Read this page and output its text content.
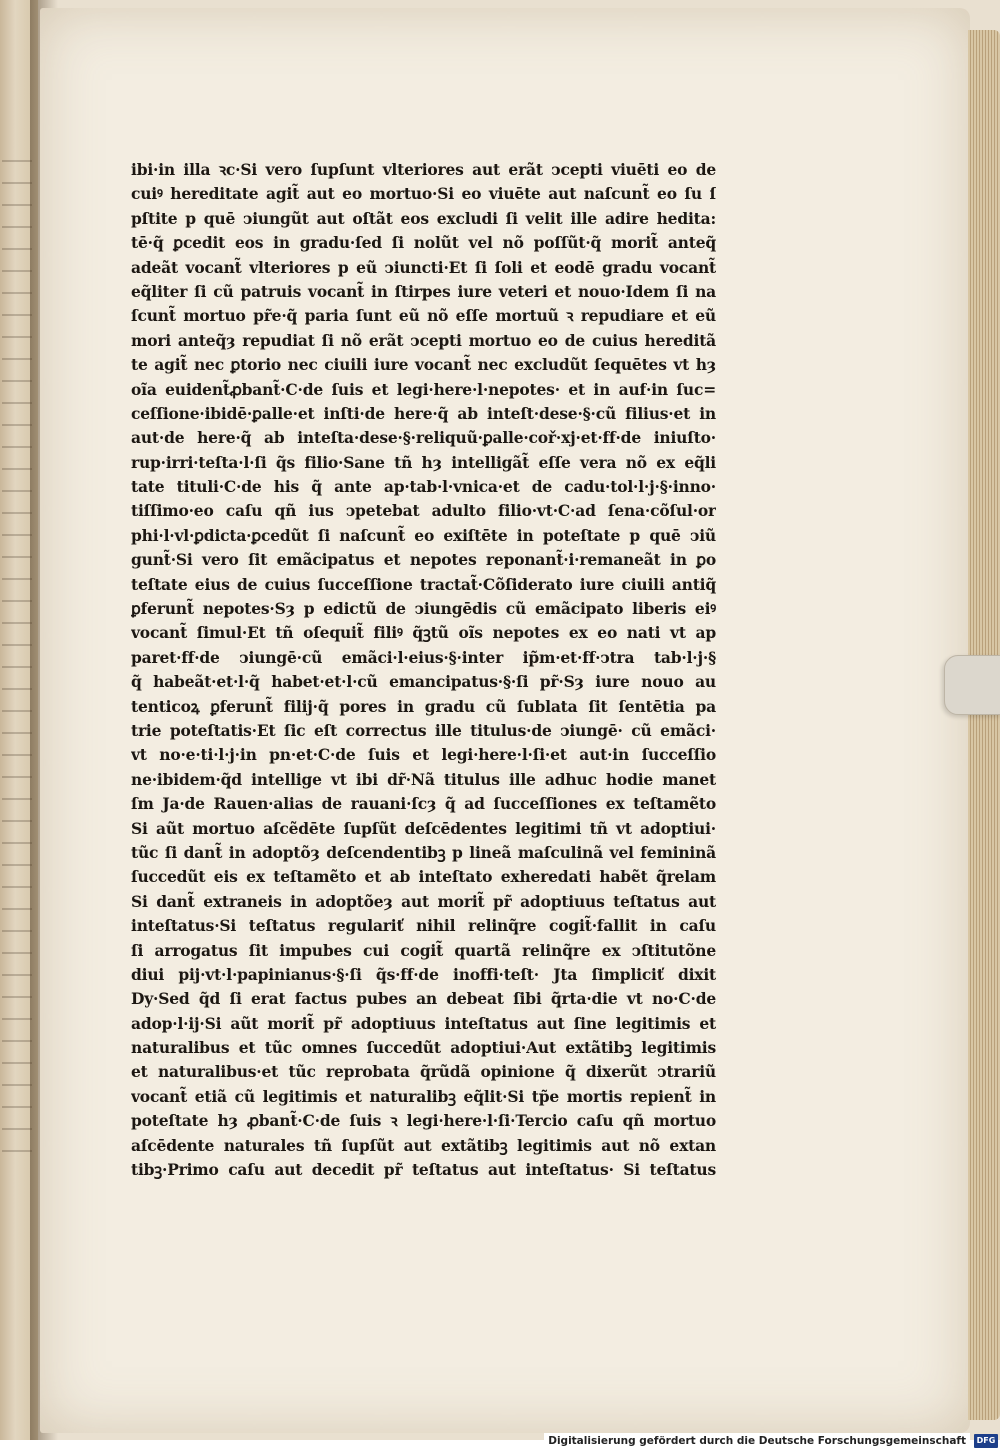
ibi·in illa ꝛc·Si vero ſupſunt vlteriores aut erãt ↄcepti viuēti eo de
cuiꝰ hereditate agit̃ aut eo mortuo·Si eo viuēte aut naſcunt̃ eo ſu ſ
pſtite p quē ↄiungũt aut oſtãt eos excludi ſi velit ille adire hedita:
tē·q̃ ꝑcedit eos in gradu·ſed ſi nolũt vel nõ poſſũt·q̃ morit̃ anteq̃
adeãt vocant̃ vlteriores p eũ ↄiuncti·Et ſi ſoli et eodē gradu vocant̃
eq̃liter ſi cũ patruis vocant̃ in ſtirpes iure veteri et nouo·Idem ſi na
ſcunt̃ mortuo pr̃e·q̃ paria ſunt eũ nõ eſſe mortuũ ꝛ repudiare et eũ
mori anteq̃ȝ repudiat ſi nõ erãt ↄcepti mortuo eo de cuius hereditã
te agit̃ nec ꝑtorio nec ciuili iure vocant̃ nec excludũt ſequētes vt hȝ
oĩa euident̃ꝓbant̃·C·de ſuis et legi·here·l·nepotes· et in auf·in ſuc=
ceſſione·ibidē·ꝑalle·et inſti·de here·q̃ ab inteſt·dese·§·cũ filius·et in
aut·de here·q̃ ab inteſta·dese·§·reliquũ·ꝑalle·coř·xj·et·ff·de iniuſto·
rup·irri·teſta·l·ſi q̃s filio·Sane tñ hȝ intelligãt̃ eſſe vera nõ ex eq̃li
tate tituli·C·de his q̃ ante ap·tab·l·vnica·et de cadu·tol·l·j·§·inno·
tiſſimo·eo caſu qñ ius ↄpetebat adulto filio·vt·C·ad ſena·cõſul·or
phi·l·vl·ꝑdicta·ꝑcedũt ſi naſcunt̃ eo exiſtēte in poteſtate p quē ↄiũ
gunt̃·Si vero ſit emãcipatus et nepotes reponant̃·i·remaneãt in ꝑo
teſtate eius de cuius ſucceſſione tractat̃·Cõſiderato iure ciuili antiq̃
ꝑferunt̃ nepotes·Sȝ p edictũ de ↄiungēdis cũ emãcipato liberis eiꝰ
vocant̃ ſimul·Et tñ oſequit̃ filiꝰ q̃ꝫtũ oĩs nepotes ex eo nati vt ap
paret·ff·de ↄiungē·cũ emãci·l·eius·§·inter ip̃m·et·ff·ↄtra tab·l·j·§
q̃ habeãt·et·l·q̃ habet·et·l·cũ emancipatus·§·ſi pr̃·Sȝ iure nouo au
tenticoꝝ ꝑferunt̃ filij·q̃ pores in gradu cũ ſublata ſit ſentētia pa
trie poteſtatis·Et ſic eſt correctus ille titulus·de ↄiungē· cũ emãci·
vt no·e·ti·l·j·in pn·et·C·de ſuis et legi·here·l·ſi·et aut·in ſucceſſio
ne·ibidem·q̃d intellige vt ibi dr̃·Nã titulus ille adhuc hodie manet
ſm Ja·de Rauen·alias de rauani·ſcȝ q̃ ad ſucceſſiones ex teſtamẽto
Si aũt mortuo aſcẽdēte ſupſũt deſcēdentes legitimi tñ vt adoptiui·
tũc ſi dant̃ in adoptõȝ deſcendentibꝫ p lineã maſculinã vel femininã
ſuccedũt eis ex teſtamẽto et ab inteſtato exheredati habẽt q̃relam
Si dant̃ extraneis in adoptõeȝ aut morit̃ pr̃ adoptiuus teſtatus aut
inteſtatus·Si teſtatus regulariť nihil relinq̃re cogit̃·fallit in caſu
ſi arrogatus ſit impubes cui cogit̃ quartã relinq̃re ex ↄſtitutõne
diui pij·vt·l·papinianus·§·ſi q̃s·ff·de inoffi·teſt· Jta ſimpliciť dixit
Dy·Sed q̃d ſi erat factus pubes an debeat ſibi q̃rta·die vt no·C·de
adop·l·ij·Si aũt morit̃ pr̃ adoptiuus inteſtatus aut ſine legitimis et
naturalibus et tũc omnes ſuccedũt adoptiui·Aut extãtibꝫ legitimis
et naturalibus·et tũc reprobata q̃rũdã opinione q̃ dixerũt ↄtrariũ
vocant̃ etiã cũ legitimis et naturalibꝫ eq̃lit·Si tp̃e mortis repient̃ in
poteſtate hȝ ꝓbant̃·C·de ſuis ꝛ legi·here·l·ſi·Tercio caſu qñ mortuo
aſcēdente naturales tñ ſupſũt aut extãtibꝫ legitimis aut nõ extan
tibꝫ·Primo caſu aut decedit pr̃ teſtatus aut inteſtatus· Si teſtatus
Digitalisierung gefördert durch die Deutsche Forschungsgemeinschaft	DFG
